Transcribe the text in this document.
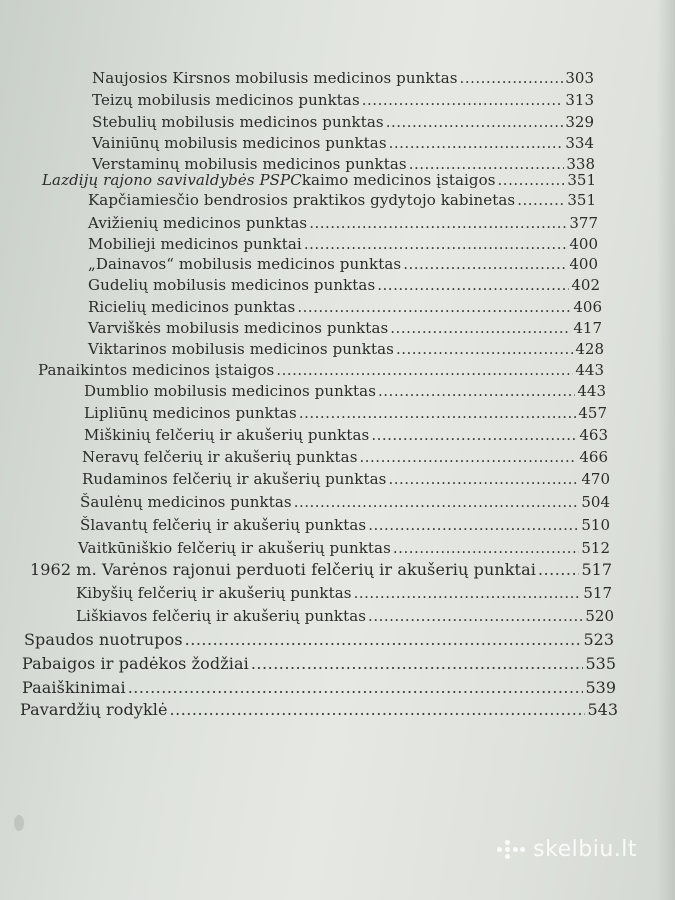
Naujosios Kirsnos mobilusis medicinos punktas .....	303
Teizų mobilusis medicinos punktas .....	313
Stebulių mobilusis medicinos punktas .....	329
Vainiūnų mobilusis medicinos punktas .....	334
Verstaminų mobilusis medicinos punktas .....	338
Lazdijų rajono savivaldybės PSPC kaimo medicinos įstaigos .....	351
Kapčiamiesčio bendrosios praktikos gydytojo kabinetas .....	351
Avižienių medicinos punktas .....	377
Mobilieji medicinos punktai .....	400
„Dainavos“ mobilusis medicinos punktas .....	400
Gudelių mobilusis medicinos punktas .....	402
Ricielių medicinos punktas .....	406
Varviškės mobilusis medicinos punktas .....	417
Viktarinos mobilusis medicinos punktas .....	428
Panaikintos medicinos įstaigos .....	443
Dumblio mobilusis medicinos punktas .....	443
Lipliūnų medicinos punktas .....	457
Miškinių felčerių ir akušerių punktas .....	463
Neravų felčerių ir akušerių punktas .....	466
Rudaminos felčerių ir akušerių punktas .....	470
Šaulėnų medicinos punktas .....	504
Šlavantų felčerių ir akušerių punktas .....	510
Vaitkūniškio felčerių ir akušerių punktas .....	512
1962 m. Varėnos rajonui perduoti felčerių ir akušerių punktai .....	517
Kibyšių felčerių ir akušerių punktas .....	517
Liškiavos felčerių ir akušerių punktas .....	520
Spaudos nuotrupos .....	523
Pabaigos ir padėkos žodžiai .....	535
Paaiškinimai .....	539
Pavardžių rodyklė .....	543
skelbiu.lt
